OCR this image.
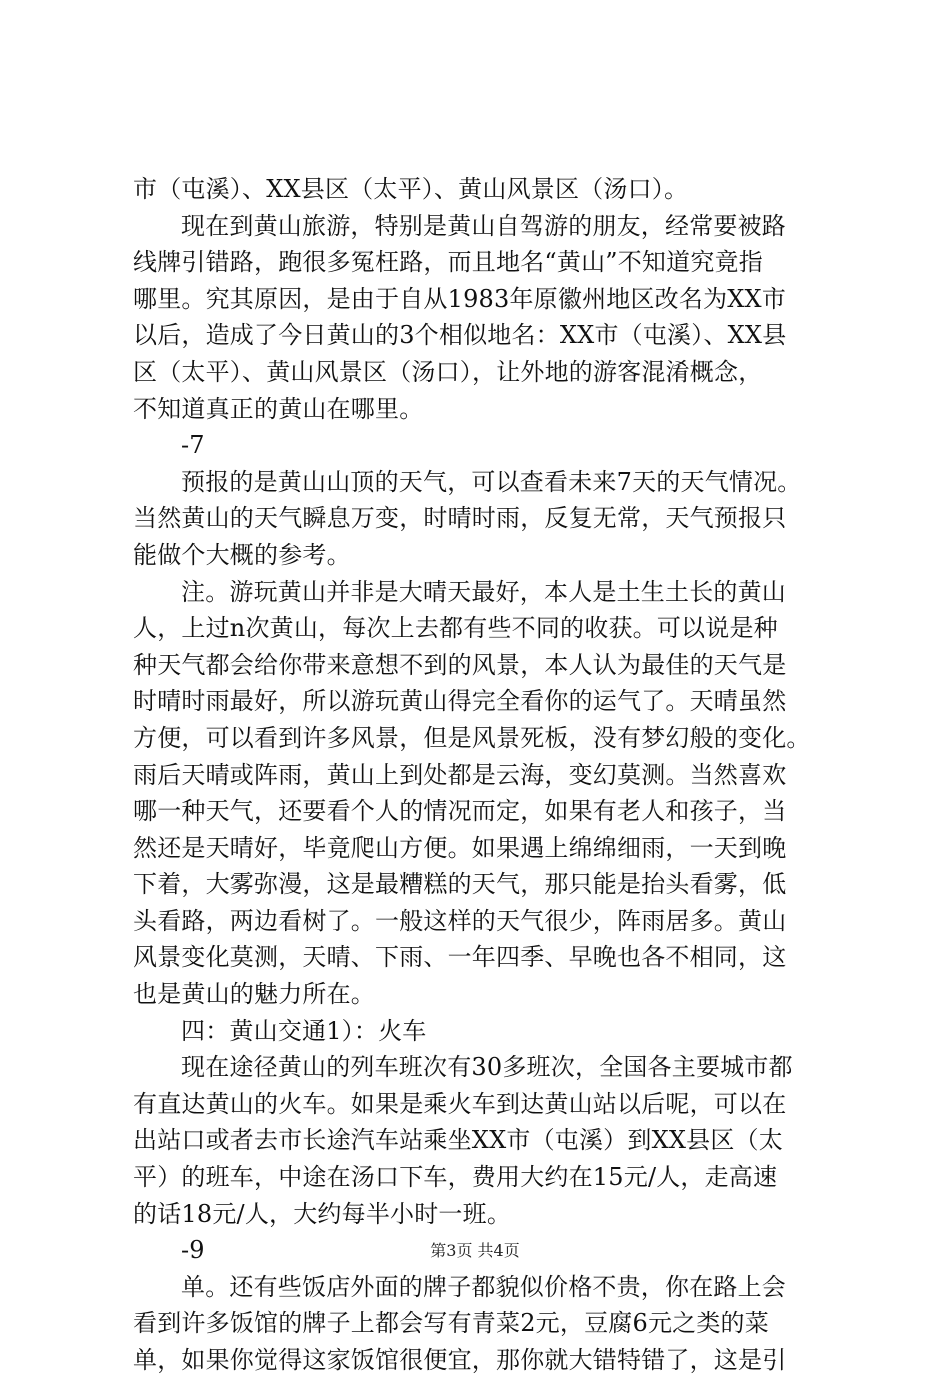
市（屯溪）、XX县区（太平）、黄山风景区（汤口）。
现在到黄山旅游，特别是黄山自驾游的朋友，经常要被路
线牌引错路，跑很多冤枉路，而且地名“黄山”不知道究竟指
哪里。究其原因，是由于自从1983年原徽州地区改名为XX市
以后，造成了今日黄山的3个相似地名：XX市（屯溪）、XX县
区（太平）、黄山风景区（汤口），让外地的游客混淆概念，
不知道真正的黄山在哪里。
-7
预报的是黄山山顶的天气，可以查看未来7天的天气情况。
当然黄山的天气瞬息万变，时晴时雨，反复无常，天气预报只
能做个大概的参考。
注。游玩黄山并非是大晴天最好，本人是土生土长的黄山
人，上过n次黄山，每次上去都有些不同的收获。可以说是种
种天气都会给你带来意想不到的风景，本人认为最佳的天气是
时晴时雨最好，所以游玩黄山得完全看你的运气了。天晴虽然
方便，可以看到许多风景，但是风景死板，没有梦幻般的变化。
雨后天晴或阵雨，黄山上到处都是云海，变幻莫测。当然喜欢
哪一种天气，还要看个人的情况而定，如果有老人和孩子，当
然还是天晴好，毕竟爬山方便。如果遇上绵绵细雨，一天到晚
下着，大雾弥漫，这是最糟糕的天气，那只能是抬头看雾，低
头看路，两边看树了。一般这样的天气很少，阵雨居多。黄山
风景变化莫测，天晴、下雨、一年四季、早晚也各不相同，这
也是黄山的魅力所在。
四：黄山交通1）：火车
现在途径黄山的列车班次有30多班次，全国各主要城市都
有直达黄山的火车。如果是乘火车到达黄山站以后呢，可以在
出站口或者去市长途汽车站乘坐XX市（屯溪）到XX县区（太
平）的班车，中途在汤口下车，费用大约在15元/人，走高速
的话18元/人，大约每半小时一班。
-9
单。还有些饭店外面的牌子都貌似价格不贵，你在路上会
看到许多饭馆的牌子上都会写有青菜2元，豆腐6元之类的菜
单，如果你觉得这家饭馆很便宜，那你就大错特错了，这是引
第3页 共4页
